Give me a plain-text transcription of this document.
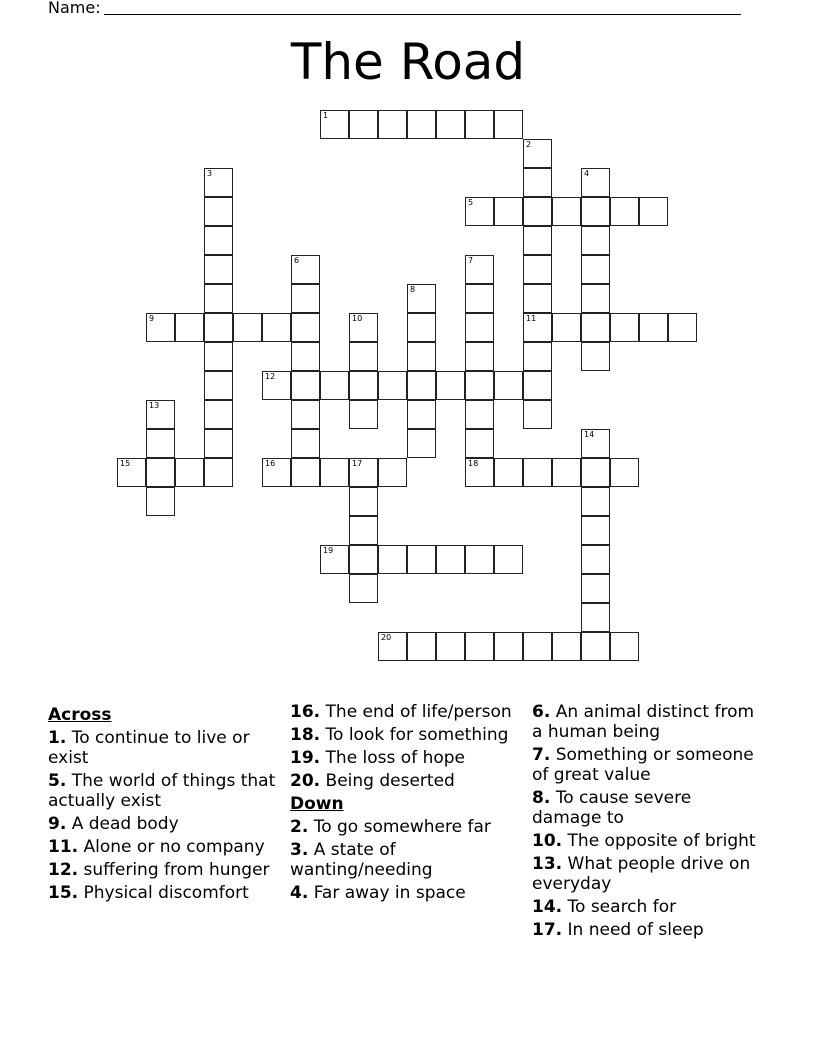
Name:
The Road
1
2
11
3	4
5
6	7
18
8
9	10
12
13
14
15	16	17
19
20
Across
1. To continue to live or exist
5. The world of things that actually exist
9. A dead body
11. Alone or no company
12. suffering from hunger
15. Physical discomfort
16. The end of life/person
18. To look for something
19. The loss of hope
20. Being deserted
Down
2. To go somewhere far
3. A state of wanting/needing
4. Far away in space
6. An animal distinct from a human being
7. Something or someone of great value
8. To cause severe damage to
10. The opposite of bright
13. What people drive on everyday
14. To search for
17. In need of sleep
